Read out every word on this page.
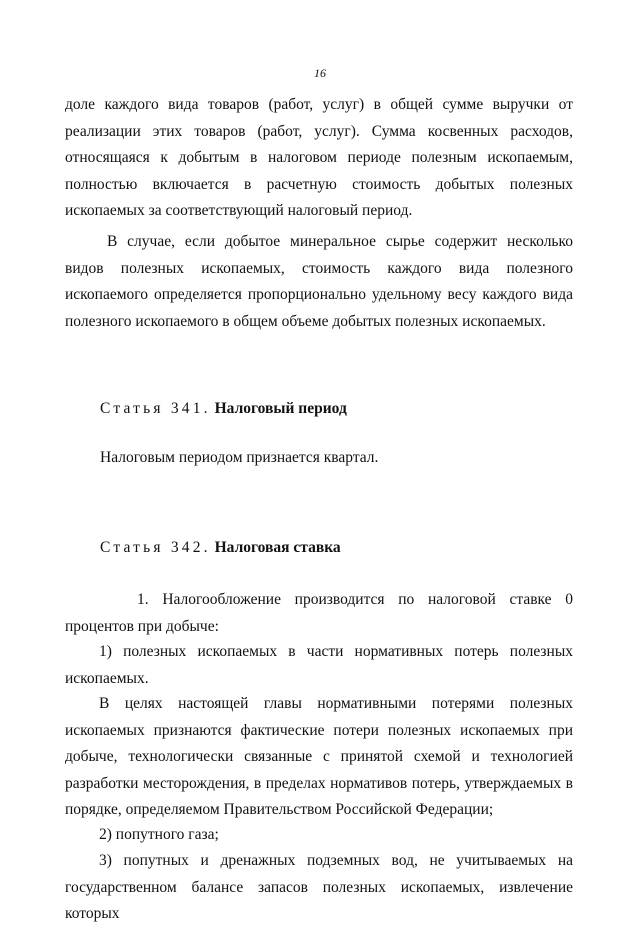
16

доле каждого вида товаров (работ, услуг) в общей сумме выручки от реализации этих товаров (работ, услуг). Сумма косвенных расходов, относящаяся к добытым в налоговом периоде полезным ископаемым, полностью включается в расчетную стоимость добытых полезных ископаемых за соответствующий налоговый период.

В случае, если добытое минеральное сырье содержит несколько видов полезных ископаемых, стоимость каждого вида полезного ископаемого определяется пропорционально удельному весу каждого вида полезного ископаемого в общем объеме добытых полезных ископаемых.

Статья 341. Налоговый период

Налоговым периодом признается квартал.

Статья 342. Налоговая ставка

1. Налогообложение производится по налоговой ставке 0 процентов при добыче:

1) полезных ископаемых в части нормативных потерь полезных ископаемых.

В целях настоящей главы нормативными потерями полезных ископаемых признаются фактические потери полезных ископаемых при добыче, технологически связанные с принятой схемой и технологией разработки месторождения, в пределах нормативов потерь, утверждаемых в порядке, определяемом Правительством Российской Федерации;

2) попутного газа;

3) попутных и дренажных подземных вод, не учитываемых на государственном балансе запасов полезных ископаемых, извлечение которых
